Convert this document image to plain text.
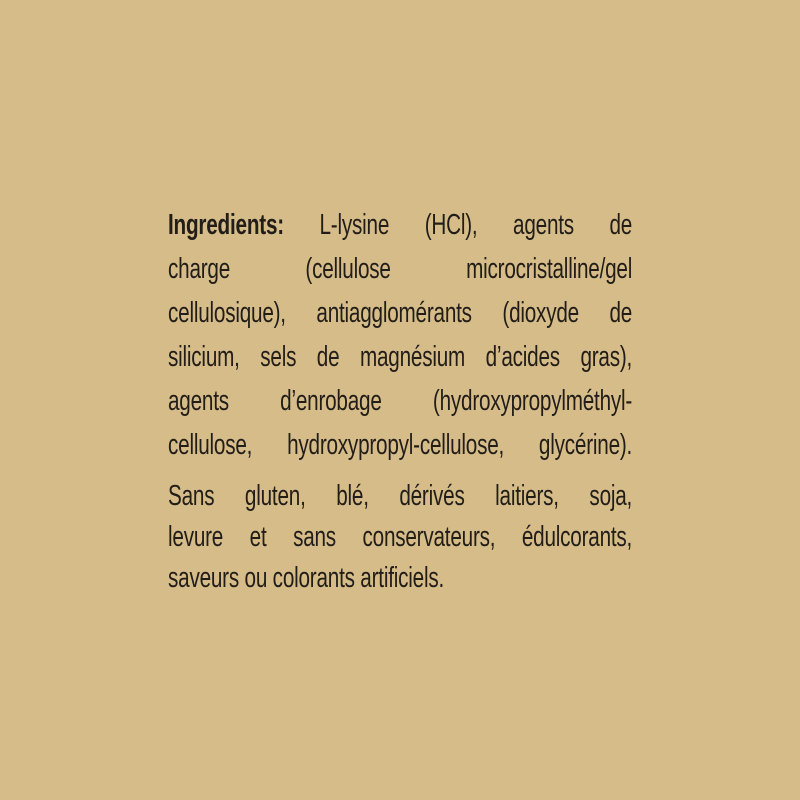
Ingredients: L-lysine (HCl), agents de
charge (cellulose microcristalline/gel
cellulosique), antiagglomérants (dioxyde de
silicium, sels de magnésium d’acides gras),
agents d’enrobage (hydroxypropylméthyl-
cellulose, hydroxypropyl-cellulose, glycérine).
Sans gluten, blé, dérivés laitiers, soja,
levure et sans conservateurs, édulcorants,
saveurs ou colorants artificiels.
